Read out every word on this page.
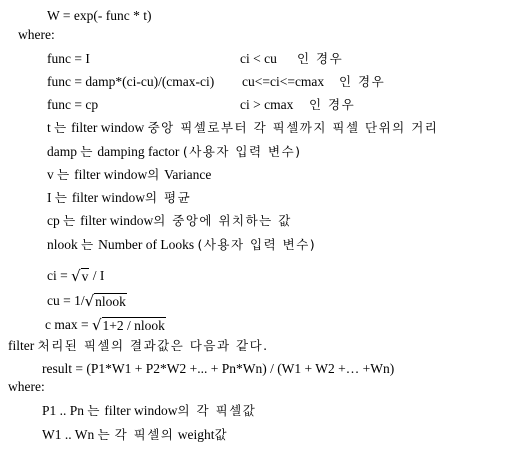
W = exp(- func * t)
where:
func = I	ci < cu 인 경우
func = damp*(ci-cu)/(cmax-ci) cu<=ci<=cmax 인 경우
func = cp	ci > cmax 인 경우
t 는 filter window 중앙 픽셀로부터 각 픽셀까지 픽셀 단위의 거리
damp 는 damping factor (사용자 입력 변수)
v 는 filter window의 Variance
I 는 filter window의 평균
cp 는 filter window의 중앙에 위치하는 값
nlook 는 Number of Looks (사용자 입력 변수)
ci = √v / I
cu = 1/√nlook
c max = √1+2 / nlook
filter 처리된 픽셀의 결과값은 다음과 같다.
result = (P1*W1 + P2*W2 +... + Pn*Wn) / (W1 + W2 +… +Wn)
where:
P1 .. Pn 는 filter window의 각 픽셀값
W1 .. Wn 는 각 픽셀의 weight값
